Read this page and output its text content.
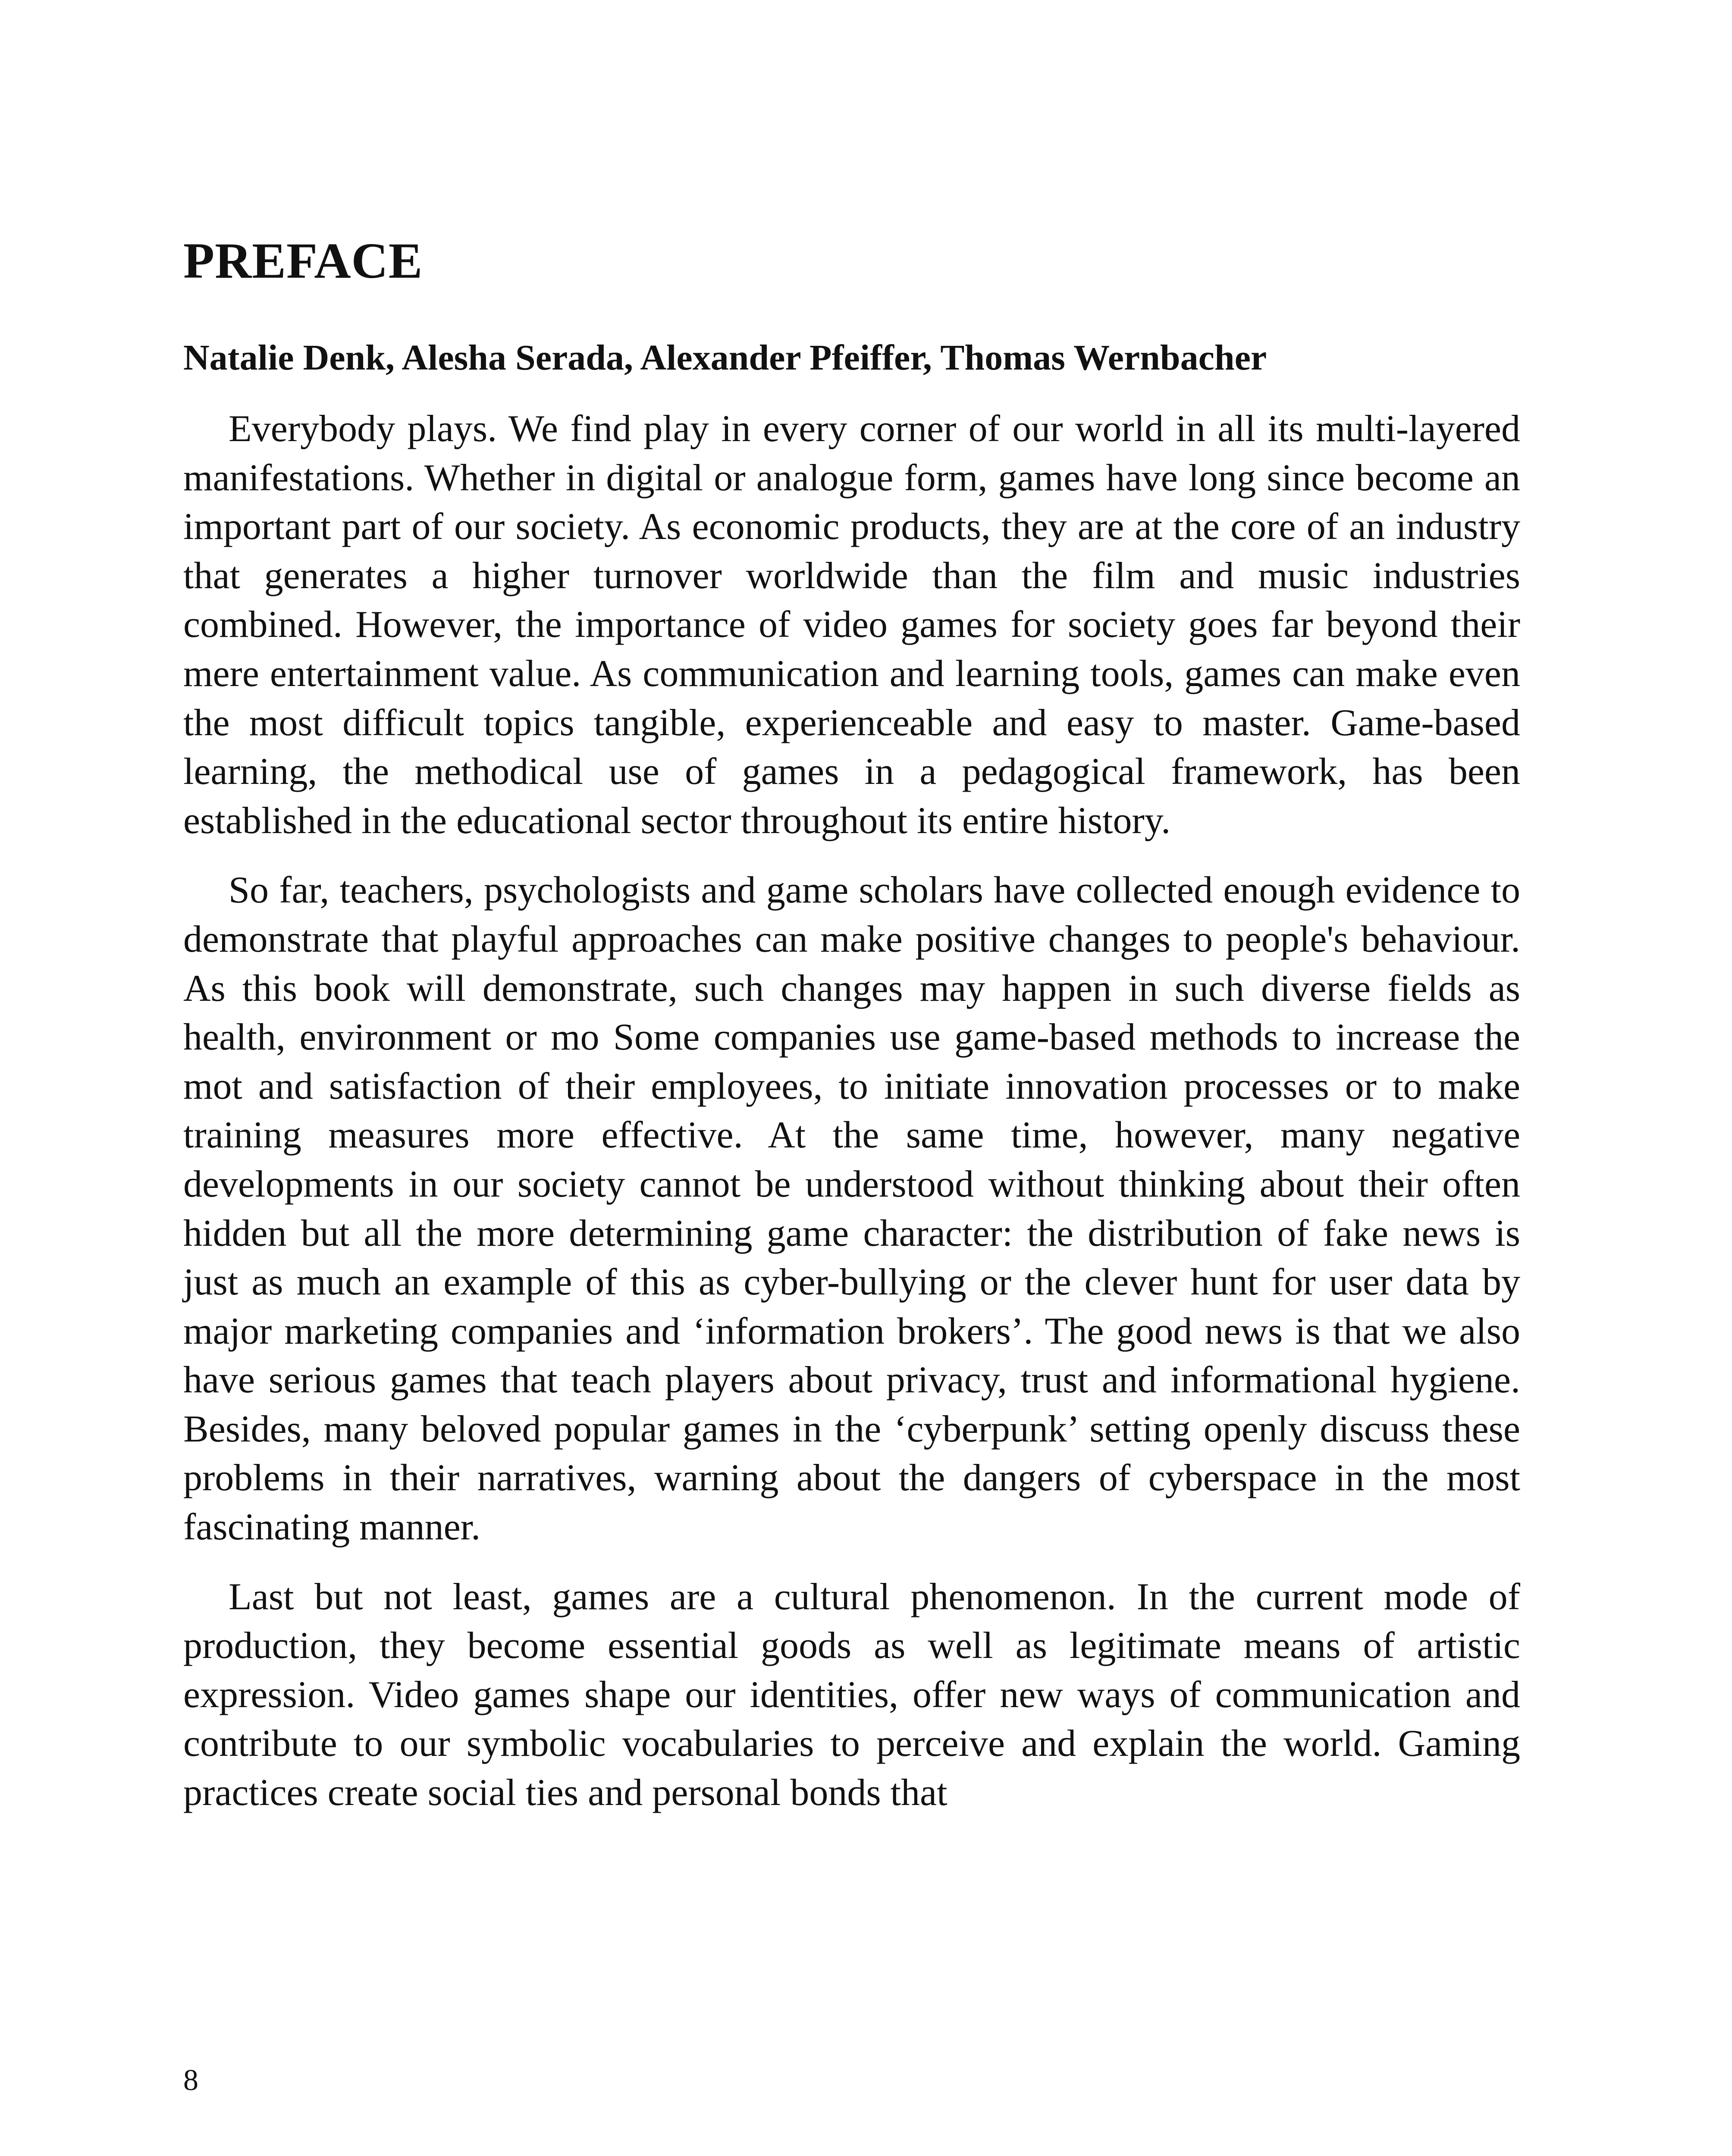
PREFACE

Natalie Denk, Alesha Serada, Alexander Pfeiffer, Thomas Wernbacher

Everybody plays. We find play in every corner of our world in all its multi-layered manifestations. Whether in digital or analogue form, games have long since become an important part of our society. As economic products, they are at the core of an industry that generates a higher turnover worldwide than the film and music industries combined. However, the importance of video games for society goes far beyond their mere entertainment value. As communication and learning tools, games can make even the most difficult topics tangible, experienceable and easy to master. Game-based learning, the methodical use of games in a pedagogical framework, has been established in the educational sector throughout its entire history.

So far, teachers, psychologists and game scholars have collected enough evidence to demonstrate that playful approaches can make positive changes to people's behaviour. As this book will demonstrate, such changes may happen in such diverse fields as health, environment or mo Some companies use game-based methods to increase the mot and satisfaction of their employees, to initiate innovation processes or to make training measures more effective. At the same time, however, many negative developments in our society cannot be understood without thinking about their often hidden but all the more determining game character: the distribution of fake news is just as much an example of this as cyber-bullying or the clever hunt for user data by major marketing companies and ‘information brokers’. The good news is that we also have serious games that teach players about privacy, trust and informational hygiene. Besides, many beloved popular games in the ‘cyberpunk’ setting openly discuss these problems in their narratives, warning about the dangers of cyberspace in the most fascinating manner.

Last but not least, games are a cultural phenomenon. In the current mode of production, they become essential goods as well as legitimate means of artistic expression. Video games shape our identities, offer new ways of communication and contribute to our symbolic vocabularies to perceive and explain the world. Gaming practices create social ties and personal bonds that

8
